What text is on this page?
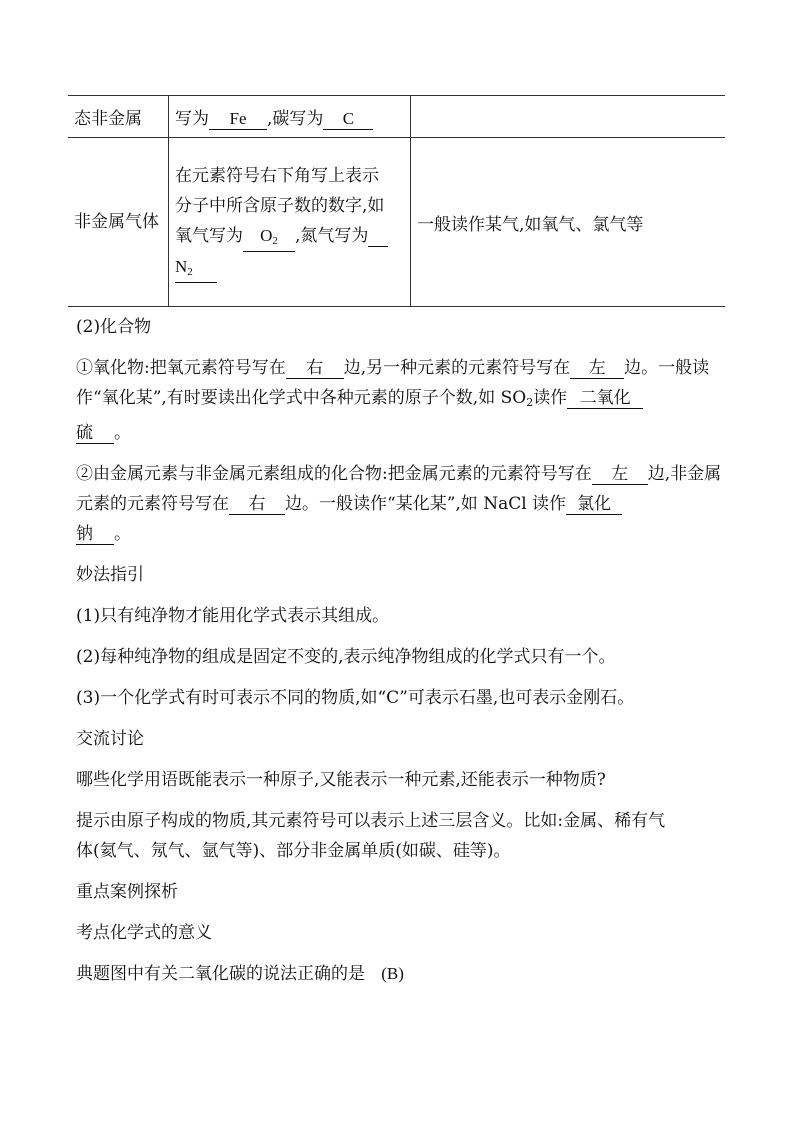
态非金属	写为 Fe ,碳写为 C	
非金属气体	在元素符号右下角写上表示
分子中所含原子数的数字,如
氧气写为 $O_2$ ,氮气写为
$N_2$	一般读作某气,如氧气、氯气等

(2)化合物

①氧化物:把氧元素符号写在 右 边,另一种元素的元素符号写在 左 边。一般读作“氧化某”,有时要读出化学式中各种元素的原子个数,如 $SO_2$读作 二氧化
硫 。

②由金属元素与非金属元素组成的化合物:把金属元素的元素符号写在 左 边,非金属元素的元素符号写在 右 边。一般读作“某化某”,如 NaCl 读作 氯化
钠 。

妙法指引

(1)只有纯净物才能用化学式表示其组成。

(2)每种纯净物的组成是固定不变的,表示纯净物组成的化学式只有一个。

(3)一个化学式有时可表示不同的物质,如“C”可表示石墨,也可表示金刚石。

交流讨论

哪些化学用语既能表示一种原子,又能表示一种元素,还能表示一种物质?

提示由原子构成的物质,其元素符号可以表示上述三层含义。比如:金属、稀有气
体(氦气、氖气、氩气等)、部分非金属单质(如碳、硅等)。

重点案例探析

考点化学式的意义

典题图中有关二氧化碳的说法正确的是 (B)
